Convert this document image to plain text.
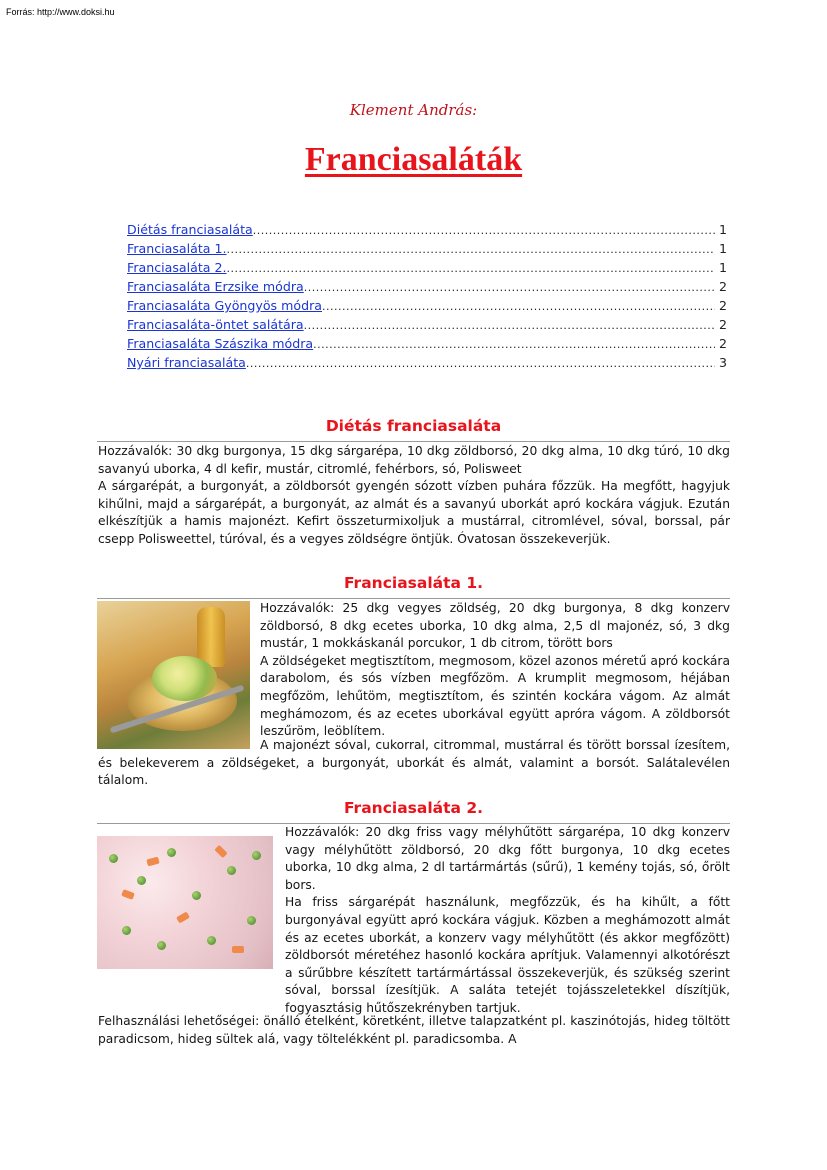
Forrás: http://www.doksi.hu
Klement András:
Franciasaláták
Diétás franciasaláta .....	1
Franciasaláta 1. .....	1
Franciasaláta 2. .....	1
Franciasaláta Erzsike módra .....	2
Franciasaláta Gyöngyös módra .....	2
Franciasaláta-öntet salátára .....	2
Franciasaláta Szászika módra .....	2
Nyári franciasaláta .....	3
Diétás franciasaláta

Hozzávalók: 30 dkg burgonya, 15 dkg sárgarépa, 10 dkg zöldborsó, 20 dkg alma, 10 dkg túró, 10 dkg savanyú uborka, 4 dl kefir, mustár, citromlé, fehérbors, só, Polisweet

A sárgarépát, a burgonyát, a zöldborsót gyengén sózott vízben puhára főzzük. Ha megfőtt, hagyjuk kihűlni, majd a sárgarépát, a burgonyát, az almát és a savanyú uborkát apró kockára vágjuk. Ezután elkészítjük a hamis majonézt. Kefirt összeturmixoljuk a mustárral, citromlével, sóval, borssal, pár csepp Polisweettel, túróval, és a vegyes zöldségre öntjük. Óvatosan összekeverjük.

Franciasaláta 1.

Hozzávalók: 25 dkg vegyes zöldség, 20 dkg burgonya, 8 dkg konzerv zöldborsó, 8 dkg ecetes uborka, 10 dkg alma, 2,5 dl majonéz, só, 3 dkg mustár, 1 mokkáskanál porcukor, 1 db citrom, törött bors

A zöldségeket megtisztítom, megmosom, közel azonos méretű apró kockára darabolom, és sós vízben megfőzöm. A krumplit megmosom, héjában megfőzöm, lehűtöm, megtisztítom, és szintén kockára vágom. Az almát meghámozom, és az ecetes uborkával együtt apróra vágom. A zöldborsót leszűröm, leöblítem.

A majonézt sóval, cukorral, citrommal, mustárral és törött borssal ízesítem, és belekeverem a zöldségeket, a burgonyát, uborkát és almát, valamint a borsót. Salátalevélen tálalom.

Franciasaláta 2.

Hozzávalók: 20 dkg friss vagy mélyhűtött sárgarépa, 10 dkg konzerv vagy mélyhűtött zöldborsó, 20 dkg főtt burgonya, 10 dkg ecetes uborka, 10 dkg alma, 2 dl tartármártás (sűrű), 1 kemény tojás, só, őrölt bors.

Ha friss sárgarépát használunk, megfőzzük, és ha kihűlt, a főtt burgonyával együtt apró kockára vágjuk. Közben a meghámozott almát és az ecetes uborkát, a konzerv vagy mélyhűtött (és akkor megfőzött) zöldborsót méretéhez hasonló kockára aprítjuk. Valamennyi alkotórészt a sűrűbbre készített tartármártással összekeverjük, és szükség szerint sóval, borssal ízesítjük. A saláta tetejét tojásszeletekkel díszítjük, fogyasztásig hűtőszekrényben tartjuk.

Felhasználási lehetőségei: önálló ételként, köretként, illetve talapzatként pl. kaszinótojás, hideg töltött paradicsom, hideg sültek alá, vagy töltelékként pl. paradicsomba. A
